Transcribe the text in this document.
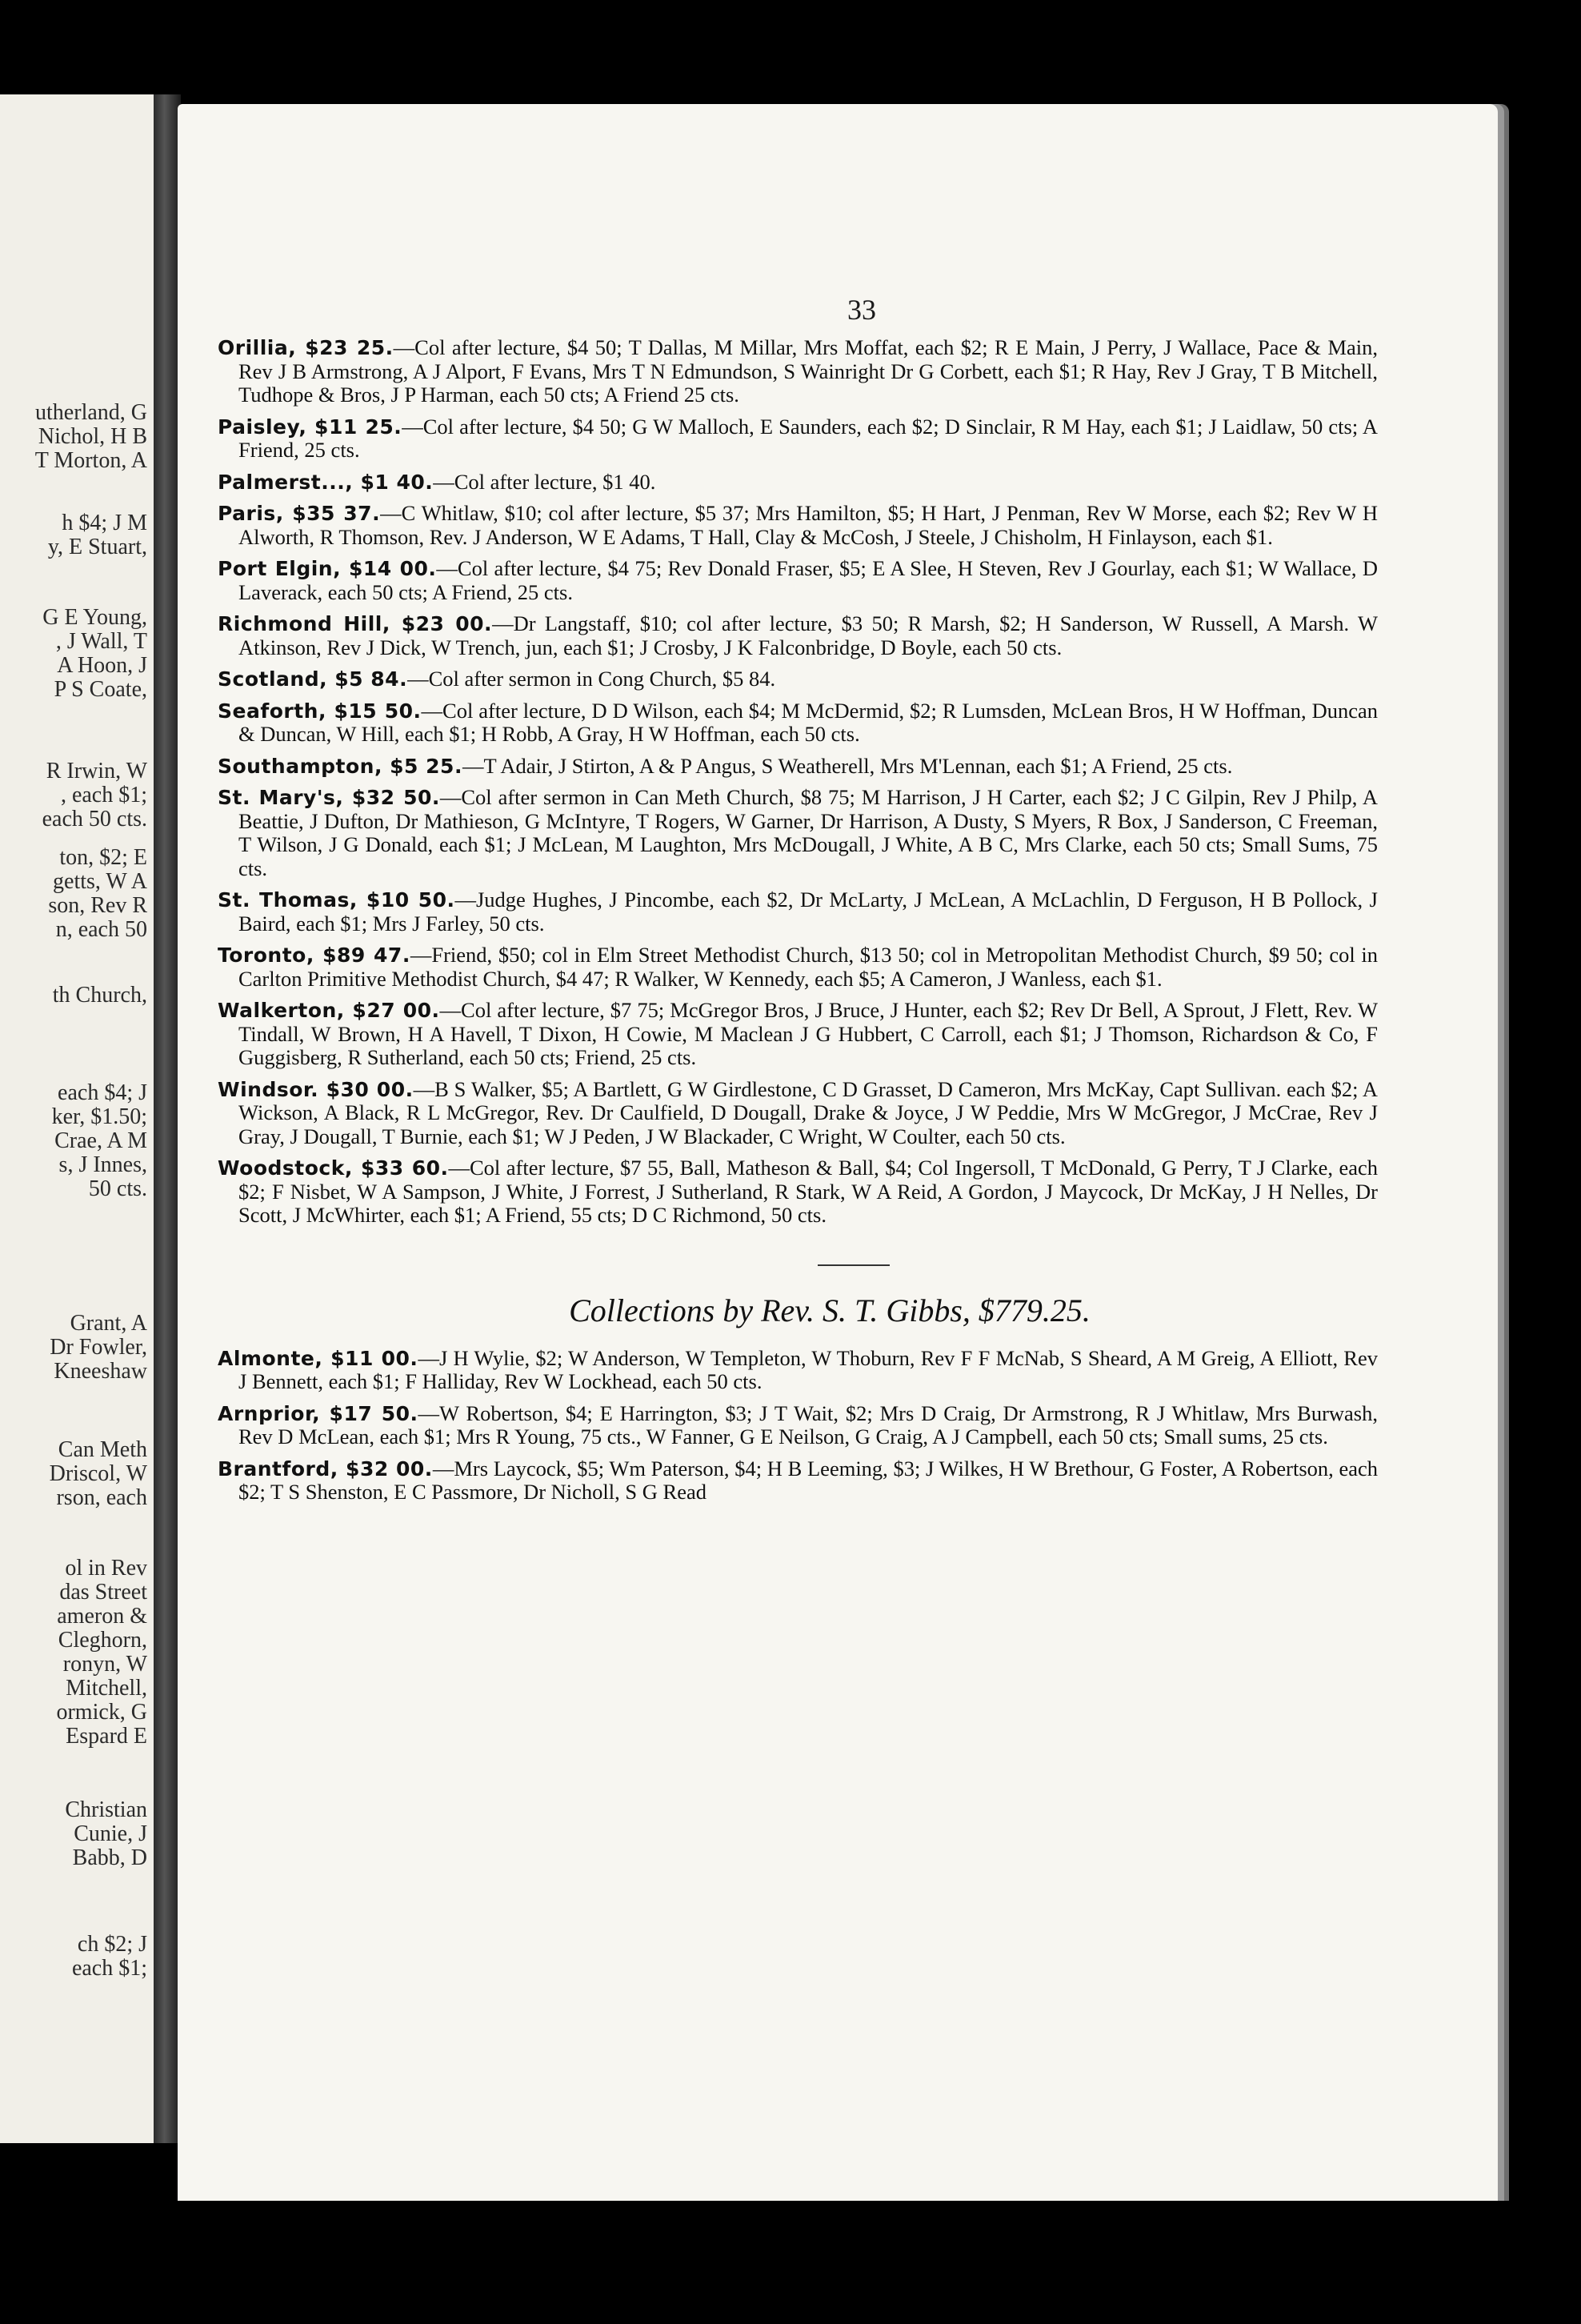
utherland, G
Nichol, H B
T Morton, A
h $4; J M
y, E Stuart,
G E Young,
, J Wall, T
A Hoon, J
P S Coate,
R Irwin, W
, each $1;
each 50 cts.
ton, $2; E
getts, W A
son, Rev R
n, each 50
th Church,
each $4; J
ker, $1.50;
Crae, A M
s, J Innes,
50 cts.
Grant, A
Dr Fowler,
Kneeshaw
Can Meth
Driscol, W
rson, each
ol in Rev
das Street
ameron &
Cleghorn,
ronyn, W
Mitchell,
ormick, G
Espard E
Christian
Cunie, J
Babb, D
ch $2; J
each $1;
33
Orillia, $23 25.—Col after lecture, $4 50; T Dallas, M Millar, Mrs Moffat, each $2; R E Main, J Perry, J Wallace, Pace & Main, Rev J B Armstrong, A J Alport, F Evans, Mrs T N Edmundson, S Wainright Dr G Corbett, each $1; R Hay, Rev J Gray, T B Mitchell, Tudhope & Bros, J P Harman, each 50 cts; A Friend 25 cts.
Paisley, $11 25.—Col after lecture, $4 50; G W Malloch, E Saunders, each $2; D Sinclair, R M Hay, each $1; J Laidlaw, 50 cts; A Friend, 25 cts.
Palmerst..., $1 40.—Col after lecture, $1 40.
Paris, $35 37.—C Whitlaw, $10; col after lecture, $5 37; Mrs Hamilton, $5; H Hart, J Penman, Rev W Morse, each $2; Rev W H Alworth, R Thomson, Rev. J Anderson, W E Adams, T Hall, Clay & McCosh, J Steele, J Chisholm, H Finlayson, each $1.
Port Elgin, $14 00.—Col after lecture, $4 75; Rev Donald Fraser, $5; E A Slee, H Steven, Rev J Gourlay, each $1; W Wallace, D Laverack, each 50 cts; A Friend, 25 cts.
Richmond Hill, $23 00.—Dr Langstaff, $10; col after lecture, $3 50; R Marsh, $2; H Sanderson, W Russell, A Marsh. W Atkinson, Rev J Dick, W Trench, jun, each $1; J Crosby, J K Falconbridge, D Boyle, each 50 cts.
Scotland, $5 84.—Col after sermon in Cong Church, $5 84.
Seaforth, $15 50.—Col after lecture, D D Wilson, each $4; M McDermid, $2; R Lumsden, McLean Bros, H W Hoffman, Duncan & Duncan, W Hill, each $1; H Robb, A Gray, H W Hoffman, each 50 cts.
Southampton, $5 25.—T Adair, J Stirton, A & P Angus, S Weatherell, Mrs M'Lennan, each $1; A Friend, 25 cts.
St. Mary's, $32 50.—Col after sermon in Can Meth Church, $8 75; M Harrison, J H Carter, each $2; J C Gilpin, Rev J Philp, A Beattie, J Dufton, Dr Mathieson, G McIntyre, T Rogers, W Garner, Dr Harrison, A Dusty, S Myers, R Box, J Sanderson, C Freeman, T Wilson, J G Donald, each $1; J McLean, M Laughton, Mrs McDougall, J White, A B C, Mrs Clarke, each 50 cts; Small Sums, 75 cts.
St. Thomas, $10 50.—Judge Hughes, J Pincombe, each $2, Dr McLarty, J McLean, A McLachlin, D Ferguson, H B Pollock, J Baird, each $1; Mrs J Farley, 50 cts.
Toronto, $89 47.—Friend, $50; col in Elm Street Methodist Church, $13 50; col in Metropolitan Methodist Church, $9 50; col in Carlton Primitive Methodist Church, $4 47; R Walker, W Kennedy, each $5; A Cameron, J Wanless, each $1.
Walkerton, $27 00.—Col after lecture, $7 75; McGregor Bros, J Bruce, J Hunter, each $2; Rev Dr Bell, A Sprout, J Flett, Rev. W Tindall, W Brown, H A Havell, T Dixon, H Cowie, M Maclean J G Hubbert, C Carroll, each $1; J Thomson, Richardson & Co, F Guggisberg, R Sutherland, each 50 cts; Friend, 25 cts.
Windsor. $30 00.—B S Walker, $5; A Bartlett, G W Girdlestone, C D Grasset, D Cameron, Mrs McKay, Capt Sullivan. each $2; A Wickson, A Black, R L McGregor, Rev. Dr Caulfield, D Dougall, Drake & Joyce, J W Peddie, Mrs W McGregor, J McCrae, Rev J Gray, J Dougall, T Burnie, each $1; W J Peden, J W Blackader, C Wright, W Coulter, each 50 cts.
Woodstock, $33 60.—Col after lecture, $7 55, Ball, Matheson & Ball, $4; Col Ingersoll, T McDonald, G Perry, T J Clarke, each $2; F Nisbet, W A Sampson, J White, J Forrest, J Sutherland, R Stark, W A Reid, A Gordon, J Maycock, Dr McKay, J H Nelles, Dr Scott, J McWhirter, each $1; A Friend, 55 cts; D C Richmond, 50 cts.
Collections by Rev. S. T. Gibbs, $779.25.
Almonte, $11 00.—J H Wylie, $2; W Anderson, W Templeton, W Thoburn, Rev F F McNab, S Sheard, A M Greig, A Elliott, Rev J Bennett, each $1; F Halliday, Rev W Lockhead, each 50 cts.
Arnprior, $17 50.—W Robertson, $4; E Harrington, $3; J T Wait, $2; Mrs D Craig, Dr Armstrong, R J Whitlaw, Mrs Burwash, Rev D McLean, each $1; Mrs R Young, 75 cts., W Fanner, G E Neilson, G Craig, A J Campbell, each 50 cts; Small sums, 25 cts.
Brantford, $32 00.—Mrs Laycock, $5; Wm Paterson, $4; H B Leeming, $3; J Wilkes, H W Brethour, G Foster, A Robertson, each $2; T S Shenston, E C Passmore, Dr Nicholl, S G Read
